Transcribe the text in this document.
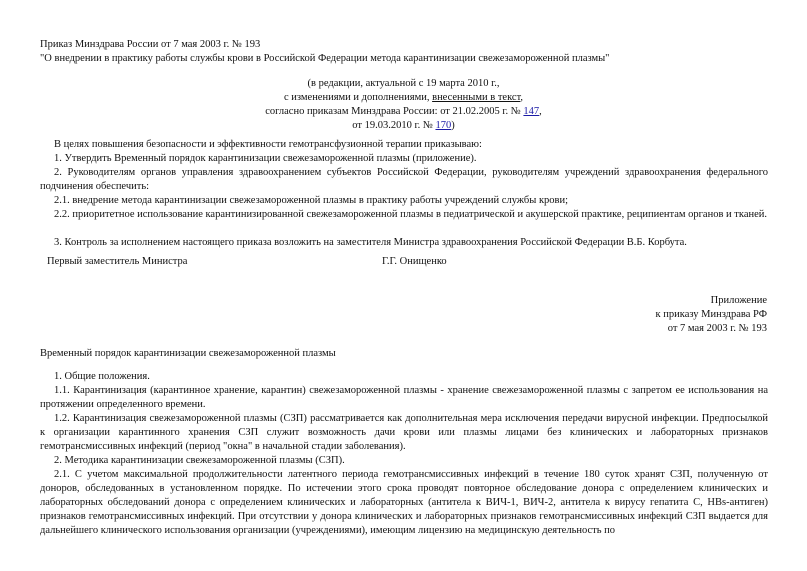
Приказ Минздрава России от 7 мая 2003 г. № 193
"О внедрении в практику работы службы крови в Российской Федерации метода карантинизации свежезамороженной плазмы"
(в редакции, актуальной с 19 марта 2010 г.,
с изменениями и дополнениями, внесенными в текст,
согласно приказам Минздрава России: от 21.02.2005 г. № 147,
от 19.03.2010 г. № 170)
В целях повышения безопасности и эффективности гемотрансфузионной терапии приказываю:
1. Утвердить Временный порядок карантинизации свежезамороженной плазмы (приложение).
2. Руководителям органов управления здравоохранением субъектов Российской Федерации, руководителям учреждений здравоохранения федерального подчинения обеспечить:
2.1. внедрение метода карантинизации свежезамороженной плазмы в практику работы учреждений службы крови;
2.2. приоритетное использование карантинизированной свежезамороженной плазмы в педиатрической и акушерской практике, реципиентам органов и тканей.
3. Контроль за исполнением настоящего приказа возложить на заместителя Министра здравоохранения Российской Федерации В.Б. Корбута.
Первый заместитель Министра	Г.Г. Онищенко
Приложение
к приказу Минздрава РФ
от 7 мая 2003 г. № 193
Временный порядок карантинизации свежезамороженной плазмы
1. Общие положения.
1.1. Карантинизация (карантинное хранение, карантин) свежезамороженной плазмы - хранение свежезамороженной плазмы с запретом ее использования на протяжении определенного времени.
1.2. Карантинизация свежезамороженной плазмы (СЗП) рассматривается как дополнительная мера исключения передачи вирусной инфекции. Предпосылкой к организации карантинного хранения СЗП служит возможность дачи крови или плазмы лицами без клинических и лабораторных признаков гемотрансмиссивных инфекций (период "окна" в начальной стадии заболевания).
2. Методика карантинизации свежезамороженной плазмы (СЗП).
2.1. С учетом максимальной продолжительности латентного периода гемотрансмиссивных инфекций в течение 180 суток хранят СЗП, полученную от доноров, обследованных в установленном порядке. По истечении этого срока проводят повторное обследование донора с определением клинических и лабораторных обследований донора с определением клинических и лабораторных (антитела к ВИЧ-1, ВИЧ-2, антитела к вирусу гепатита С, HBs-антиген) признаков гемотрансмиссивных инфекций. При отсутствии у донора клинических и лабораторных признаков гемотрансмиссивных инфекций СЗП выдается для дальнейшего клинического использования организации (учреждениями), имеющим лицензию на медицинскую деятельность по
